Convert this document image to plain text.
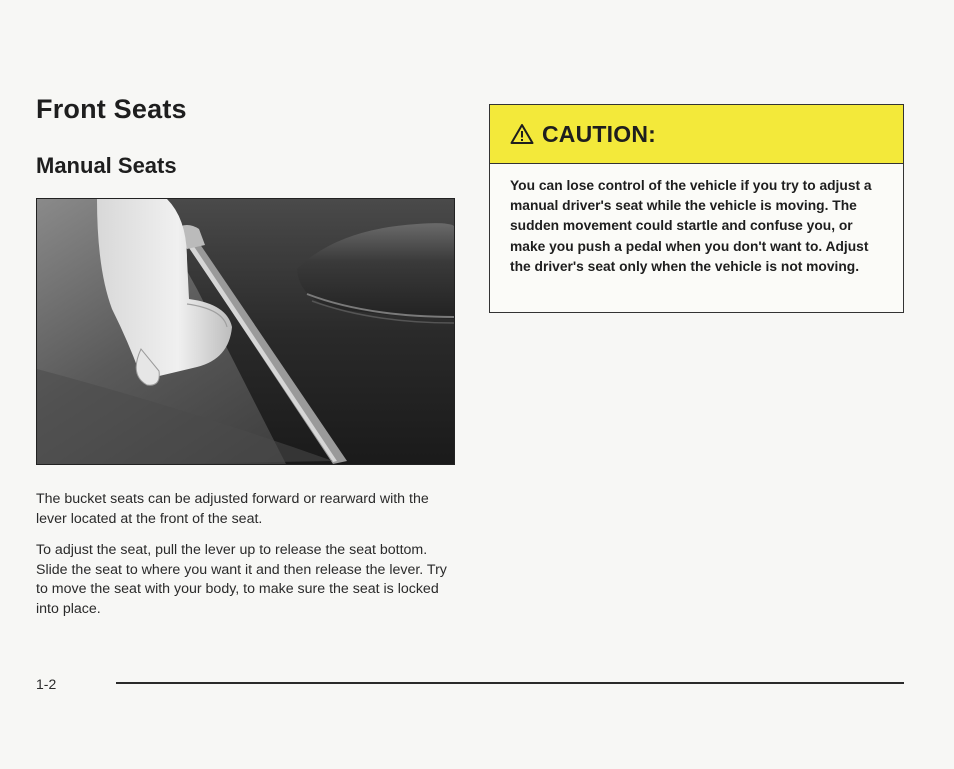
Front Seats
Manual Seats

The bucket seats can be adjusted forward or rearward with the lever located at the front of the seat.

To adjust the seat, pull the lever up to release the seat bottom. Slide the seat to where you want it and then release the lever. Try to move the seat with your body, to make sure the seat is locked into place.

CAUTION:

You can lose control of the vehicle if you try to adjust a manual driver's seat while the vehicle is moving. The sudden movement could startle and confuse you, or make you push a pedal when you don't want to. Adjust the driver's seat only when the vehicle is not moving.

1-2
